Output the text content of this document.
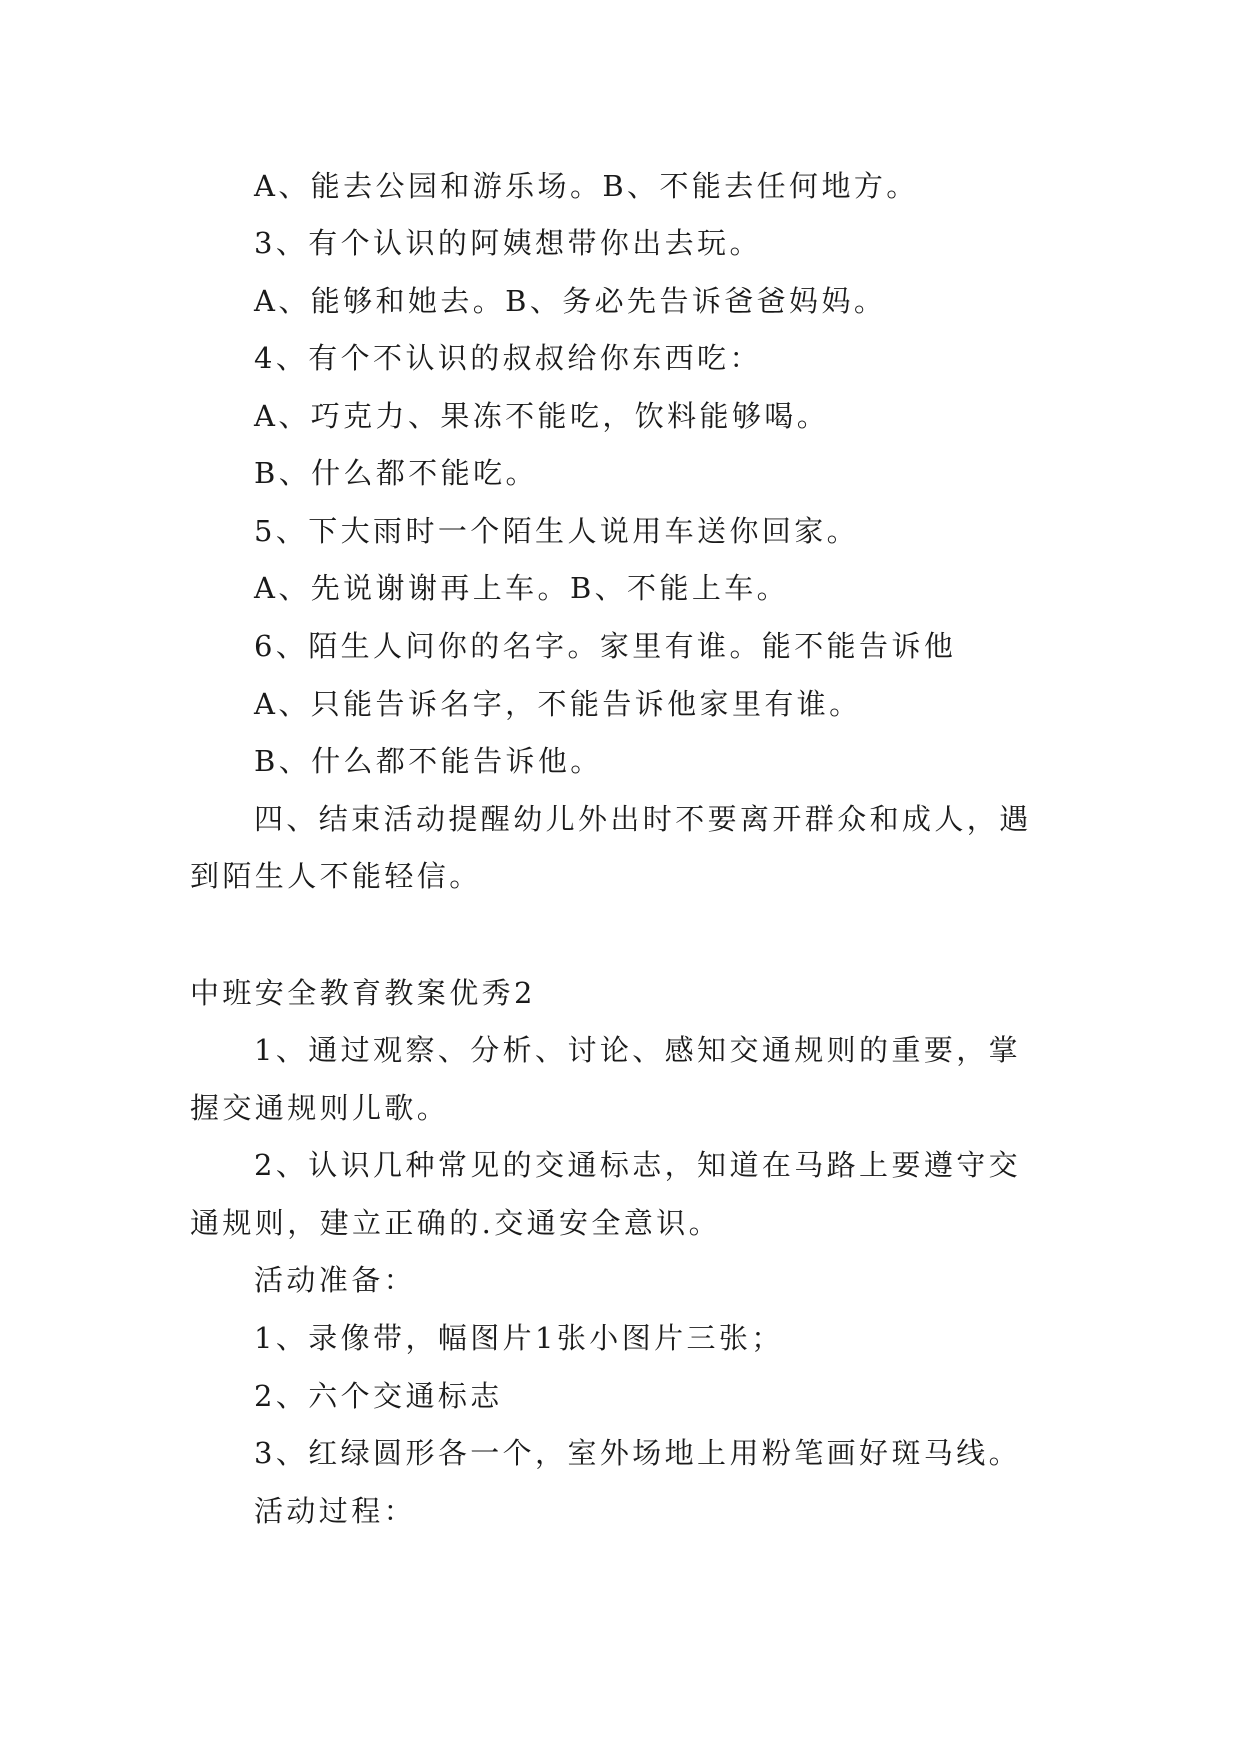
A、能去公园和游乐场。B、不能去任何地方。
3、有个认识的阿姨想带你出去玩。
A、能够和她去。B、务必先告诉爸爸妈妈。
4、有个不认识的叔叔给你东西吃：
A、巧克力、果冻不能吃，饮料能够喝。
B、什么都不能吃。
5、下大雨时一个陌生人说用车送你回家。
A、先说谢谢再上车。B、不能上车。
6、陌生人问你的名字。家里有谁。能不能告诉他
A、只能告诉名字，不能告诉他家里有谁。
B、什么都不能告诉他。
四、结束活动提醒幼儿外出时不要离开群众和成人，遇
到陌生人不能轻信。
中班安全教育教案优秀2
1、通过观察、分析、讨论、感知交通规则的重要，掌
握交通规则儿歌。
2、认识几种常见的交通标志，知道在马路上要遵守交
通规则，建立正确的.交通安全意识。
活动准备：
1、录像带，幅图片1张小图片三张；
2、六个交通标志
3、红绿圆形各一个，室外场地上用粉笔画好斑马线。
活动过程：
